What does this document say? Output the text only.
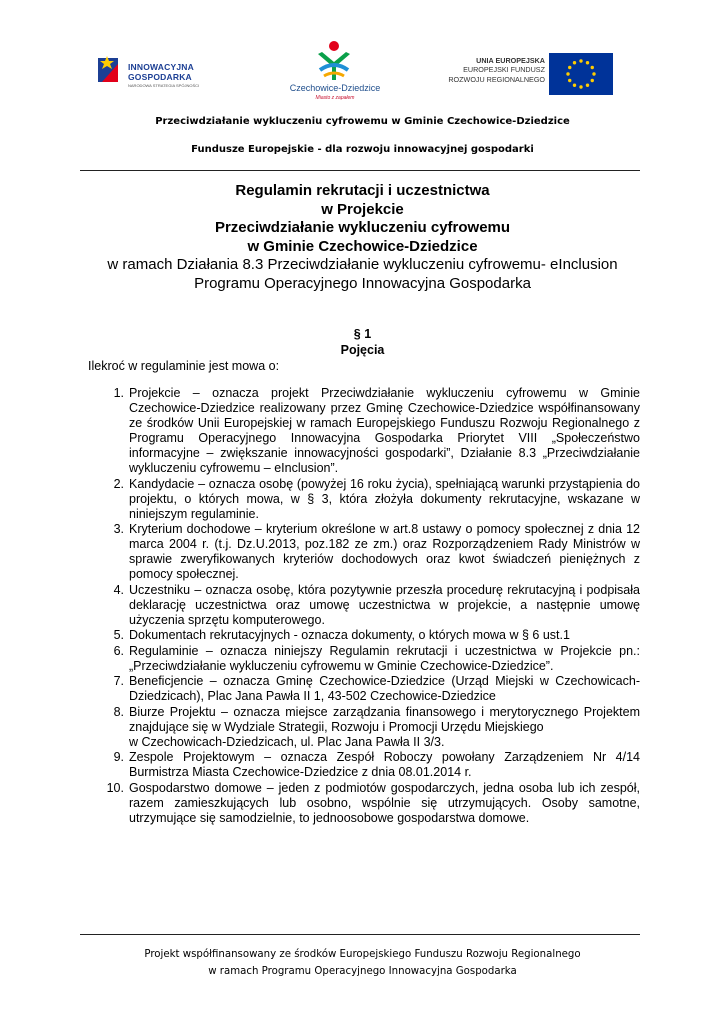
INNOWACYJNA
GOSPODARKA
NARODOWA STRATEGIA SPÓJNOŚCI	Czechowice-Dziedzice
Miasto z zapałem
UNIA EUROPEJSKA
EUROPEJSKI FUNDUSZ
ROZWOJU REGIONALNEGO
Przeciwdziałanie wykluczeniu cyfrowemu w Gminie Czechowice-Dziedzice
Fundusze Europejskie - dla rozwoju innowacyjnej gospodarki
Regulamin rekrutacji i uczestnictwa
w Projekcie
Przeciwdziałanie wykluczeniu cyfrowemu
w Gminie Czechowice-Dziedzice
w ramach Działania 8.3 Przeciwdziałanie wykluczeniu cyfrowemu- eInclusion
Programu Operacyjnego Innowacyjna Gospodarka
§ 1
Pojęcia
Ilekroć w regulaminie jest mowa o:
1. Projekcie – oznacza projekt Przeciwdziałanie wykluczeniu cyfrowemu w Gminie Czechowice-Dziedzice realizowany przez Gminę Czechowice-Dziedzice współfinansowany ze środków Unii Europejskiej w ramach Europejskiego Funduszu Rozwoju Regionalnego z Programu Operacyjnego Innowacyjna Gospodarka Priorytet VIII „Społeczeństwo informacyjne – zwiększanie innowacyjności gospodarki”, Działanie 8.3 „Przeciwdziałanie wykluczeniu cyfrowemu – eInclusion”.
2. Kandydacie – oznacza osobę (powyżej 16 roku życia), spełniającą warunki przystąpienia do projektu, o których mowa, w § 3, która złożyła dokumenty rekrutacyjne, wskazane w niniejszym regulaminie.
3. Kryterium dochodowe – kryterium określone w art.8 ustawy o pomocy społecznej z dnia 12 marca 2004 r. (t.j. Dz.U.2013, poz.182 ze zm.) oraz Rozporządzeniem Rady Ministrów w sprawie zweryfikowanych kryteriów dochodowych oraz kwot świadczeń pieniężnych z pomocy społecznej.
4. Uczestniku – oznacza osobę, która pozytywnie przeszła procedurę rekrutacyjną i podpisała deklarację uczestnictwa oraz umowę uczestnictwa w projekcie, a następnie umowę użyczenia sprzętu komputerowego.
5. Dokumentach rekrutacyjnych - oznacza dokumenty, o których mowa w § 6 ust.1
6. Regulaminie – oznacza niniejszy Regulamin rekrutacji i uczestnictwa w Projekcie pn.: „Przeciwdziałanie wykluczeniu cyfrowemu w Gminie Czechowice-Dziedzice”.
7. Beneficjencie – oznacza Gminę Czechowice-Dziedzice (Urząd Miejski w Czechowicach-Dziedzicach), Plac Jana Pawła II 1, 43-502 Czechowice-Dziedzice
8. Biurze Projektu – oznacza miejsce zarządzania finansowego i merytorycznego Projektem znajdujące się w Wydziale Strategii, Rozwoju i Promocji Urzędu Miejskiego
w Czechowicach-Dziedzicach, ul. Plac Jana Pawła II 3/3.
9. Zespole Projektowym – oznacza Zespół Roboczy powołany Zarządzeniem Nr 4/14 Burmistrza Miasta Czechowice-Dziedzice z dnia 08.01.2014 r.
10. Gospodarstwo domowe – jeden z podmiotów gospodarczych, jedna osoba lub ich zespół, razem zamieszkujących lub osobno, wspólnie się utrzymujących. Osoby samotne, utrzymujące się samodzielnie, to jednoosobowe gospodarstwa domowe.
Projekt współfinansowany ze środków Europejskiego Funduszu Rozwoju Regionalnego
w ramach Programu Operacyjnego Innowacyjna Gospodarka
